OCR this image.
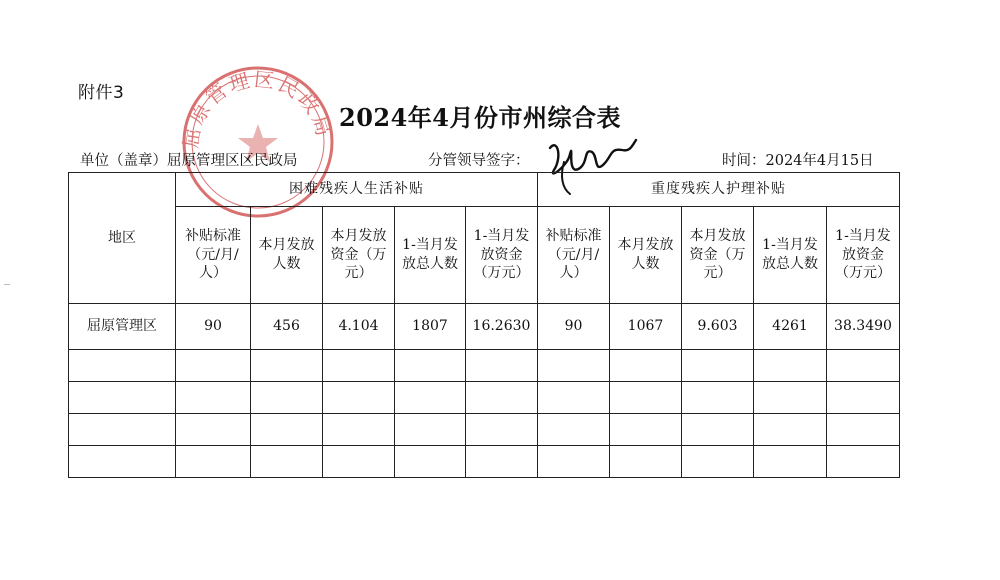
附件3
屈原管理区民政局 2024年4月份市州综合表
单位（盖章）屈原管理区区民政局	分管领导签字：	时间：2024年4月15日
地区	困难残疾人生活补贴					重度残疾人护理补贴				
	补贴标准（元/月/人）	本月发放人数	本月发放资金（万元）	1-当月发放总人数	1-当月发放资金（万元）	补贴标准（元/月/人）	本月发放人数	本月发放资金（万元）	1-当月发放总人数	1-当月发放资金（万元）
屈原管理区	90	456	4.104	1807	16.2630	90	1067	9.603	4261	38.3490
